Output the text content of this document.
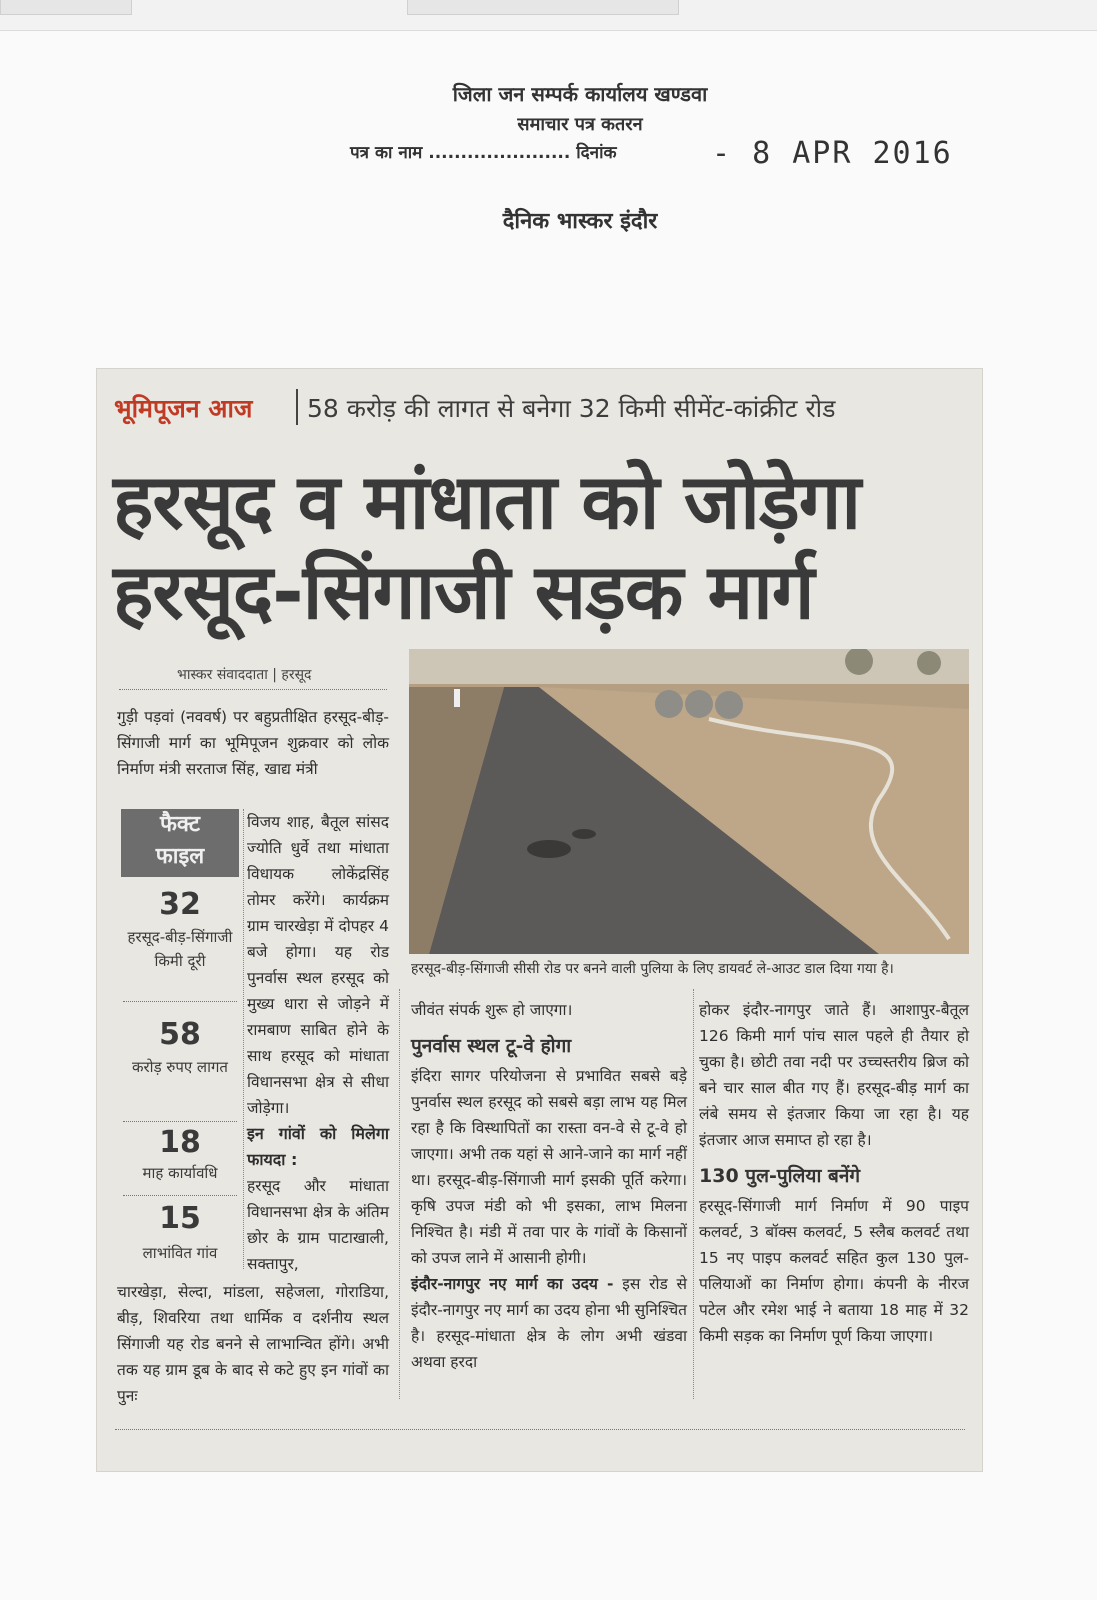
जिला जन सम्पर्क कार्यालय खण्डवा
समाचार पत्र कतरन
पत्र का नाम ...................... दिनांक	- 8 APR 2016
दैनिक भास्कर इंदौर
भूमिपूजन आज 58 करोड़ की लागत से बनेगा 32 किमी सीमेंट-कांक्रीट रोड
हरसूद व मांधाता को जोड़ेगा
हरसूद-सिंगाजी सड़क मार्ग
भास्कर संवाददाता | हरसूद
हरसूद-बीड़-सिंगाजी सीसी रोड पर बनने वाली पुलिया के लिए डायवर्ट ले-आउट डाल दिया गया है।

गुड़ी पड़वां (नववर्ष) पर बहुप्रतीक्षित हरसूद-बीड़-सिंगाजी मार्ग का भूमिपूजन शुक्रवार को लोक निर्माण मंत्री सरताज सिंह, खाद्य मंत्री

फैक्ट
फाइल
32
हरसूद-बीड़-सिंगाजी किमी दूरी
58
करोड़ रुपए लागत
18
माह कार्यावधि
15
लाभांवित गांव

विजय शाह, बैतूल सांसद ज्योति धुर्वे तथा मांधाता विधायक लोकेंद्रसिंह तोमर करेंगे। कार्यक्रम ग्राम चारखेड़ा में दोपहर 4 बजे होगा। यह रोड पुनर्वास स्थल हरसूद को मुख्य धारा से जोड़ने में रामबाण साबित होने के साथ हरसूद को मांधाता विधानसभा क्षेत्र से सीधा जोड़ेगा।

इन गांवों को मिलेगा फायदा :

हरसूद और मांधाता विधानसभा क्षेत्र के अंतिम छोर के ग्राम पाटाखाली, सक्तापुर,

चारखेड़ा, सेल्दा, मांडला, सहेजला, गोराडिया, बीड़, शिवरिया तथा धार्मिक व दर्शनीय स्थल सिंगाजी यह रोड बनने से लाभान्वित होंगे। अभी तक यह ग्राम डूब के बाद से कटे हुए इन गांवों का पुनः

जीवंत संपर्क शुरू हो जाएगा।

पुनर्वास स्थल टू-वे होगा

इंदिरा सागर परियोजना से प्रभावित सबसे बड़े पुनर्वास स्थल हरसूद को सबसे बड़ा लाभ यह मिल रहा है कि विस्थापितों का रास्ता वन-वे से टू-वे हो जाएगा। अभी तक यहां से आने-जाने का मार्ग नहीं था। हरसूद-बीड़-सिंगाजी मार्ग इसकी पूर्ति करेगा। कृषि उपज मंडी को भी इसका, लाभ मिलना निश्चित है। मंडी में तवा पार के गांवों के किसानों को उपज लाने में आसानी होगी।

इंदौर-नागपुर नए मार्ग का उदय - इस रोड से इंदौर-नागपुर नए मार्ग का उदय होना भी सुनिश्चित है। हरसूद-मांधाता क्षेत्र के लोग अभी खंडवा अथवा हरदा

होकर इंदौर-नागपुर जाते हैं। आशापुर-बैतूल 126 किमी मार्ग पांच साल पहले ही तैयार हो चुका है। छोटी तवा नदी पर उच्चस्तरीय ब्रिज को बने चार साल बीत गए हैं। हरसूद-बीड़ मार्ग का लंबे समय से इंतजार किया जा रहा है। यह इंतजार आज समाप्त हो रहा है।

130 पुल-पुलिया बनेंगे

हरसूद-सिंगाजी मार्ग निर्माण में 90 पाइप कलवर्ट, 3 बॉक्स कलवर्ट, 5 स्लैब कलवर्ट तथा 15 नए पाइप कलवर्ट सहित कुल 130 पुल-पलियाओं का निर्माण होगा। कंपनी के नीरज पटेल और रमेश भाई ने बताया 18 माह में 32 किमी सड़क का निर्माण पूर्ण किया जाएगा।
